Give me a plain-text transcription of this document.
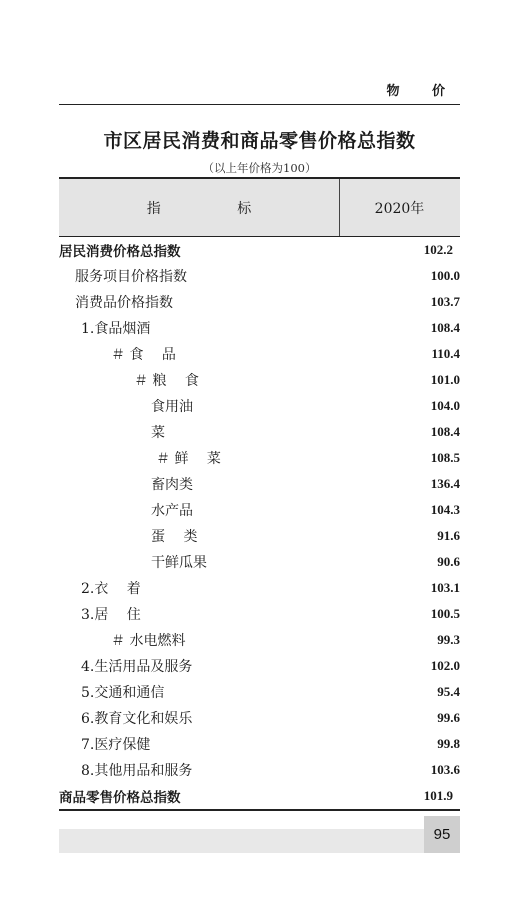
物 价
市区居民消费和商品零售价格总指数
（以上年价格为100）
指 标	2020年
居民消费价格总指数	102.2
服务项目价格指数	100.0
消费品价格指数	103.7
1.食品烟酒	108.4
＃ 食　 品	110.4
＃ 粮　 食	101.0
食用油	104.0
菜	108.4
＃ 鲜　 菜	108.5
畜肉类	136.4
水产品	104.3
蛋　 类	91.6
干鲜瓜果	90.6
2.衣　 着	103.1
3.居　 住	100.5
＃ 水电燃料	99.3
4.生活用品及服务	102.0
5.交通和通信	95.4
6.教育文化和娱乐	99.6
7.医疗保健	99.8
8.其他用品和服务	103.6
商品零售价格总指数	101.9
95
